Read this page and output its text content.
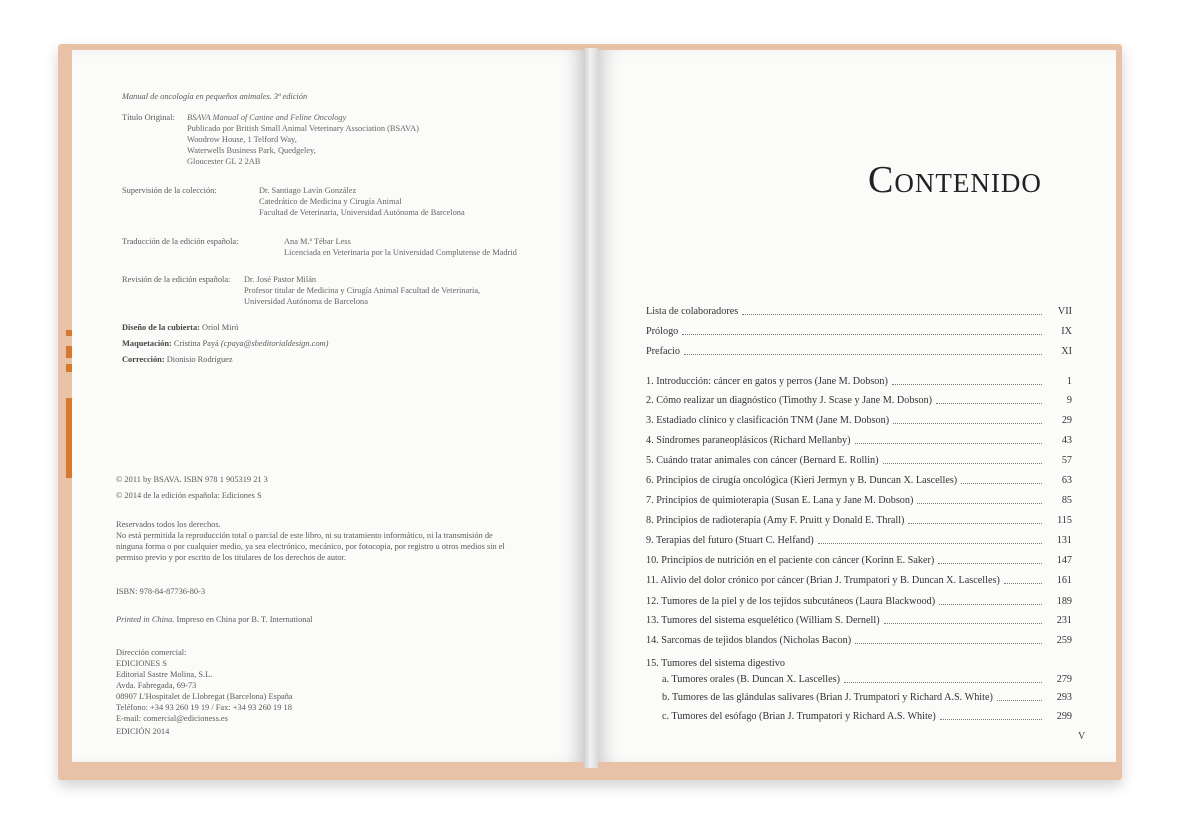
Manual de oncología en pequeños animales. 3ª edición
Título Original: BSAVA Manual of Canine and Feline Oncology
Publicado por British Small Animal Veterinary Association (BSAVA)
Woodrow House, 1 Telford Way,
Waterwells Business Park, Quedgeley,
Gloucester GL 2 2AB
Supervisión de la colección:	Dr. Santiago Lavín González
Catedrático de Medicina y Cirugía Animal
Facultad de Veterinaria, Universidad Autónoma de Barcelona
Traducción de la edición española:	Ana M.ª Tébar Less
Licenciada en Veterinaria por la Universidad Complutense de Madrid
Revisión de la edición española: Dr. José Pastor Milán
Profesor titular de Medicina y Cirugía Animal Facultad de Veterinaria,
Universidad Autónoma de Barcelona
Diseño de la cubierta: Oriol Miró
Maquetación: Cristina Payá (cpaya@sbeditorialdesign.com)
Corrección: Dionisio Rodríguez
© 2011 by BSAVA. ISBN 978 1 905319 21 3
© 2014 de la edición española: Ediciones S
Reservados todos los derechos.
No está permitida la reproducción total o parcial de este libro, ni su tratamiento informático, ni la transmisión de
ninguna forma o por cualquier medio, ya sea electrónico, mecánico, por fotocopia, por registro u otros medios sin el
permiso previo y por escrito de los titulares de los derechos de autor.
ISBN: 978-84-87736-80-3
Printed in China. Impreso en China por B. T. International
Dirección comercial:
EDICIONES S
Editorial Sastre Molina, S.L.
Avda. Fabregada, 69-73
08907 L'Hospitalet de Llobregat (Barcelona) España
Teléfono: +34 93 260 19 19 / Fax: +34 93 260 19 18
E-mail: comercial@edicioness.es
EDICIÓN 2014
Contenido
Lista de colaboradores	VII
Prólogo	IX
Prefacio	XI
1. Introducción: cáncer en gatos y perros (Jane M. Dobson)	1
2. Cómo realizar un diagnóstico (Timothy J. Scase y Jane M. Dobson)	9
3. Estadiado clínico y clasificación TNM (Jane M. Dobson)	29
4. Síndromes paraneoplásicos (Richard Mellanby)	43
5. Cuándo tratar animales con cáncer (Bernard E. Rollin)	57
6. Principios de cirugía oncológica (Kieri Jermyn y B. Duncan X. Lascelles)	63
7. Principios de quimioterapia (Susan E. Lana y Jane M. Dobson)	85
8. Principios de radioterapia (Amy F. Pruitt y Donald E. Thrall)	115
9. Terapias del futuro (Stuart C. Helfand)	131
10. Principios de nutrición en el paciente con cáncer (Korinn E. Saker)	147
11. Alivio del dolor crónico por cáncer (Brian J. Trumpatori y B. Duncan X. Lascelles)	161
12. Tumores de la piel y de los tejidos subcutáneos (Laura Blackwood)	189
13. Tumores del sistema esquelético (William S. Dernell)	231
14. Sarcomas de tejidos blandos (Nicholas Bacon)	259
15. Tumores del sistema digestivo
a. Tumores orales (B. Duncan X. Lascelles)	279
b. Tumores de las glándulas salivares (Brian J. Trumpatori y Richard A.S. White)	293
c. Tumores del esófago (Brian J. Trumpatori y Richard A.S. White)	299
V
